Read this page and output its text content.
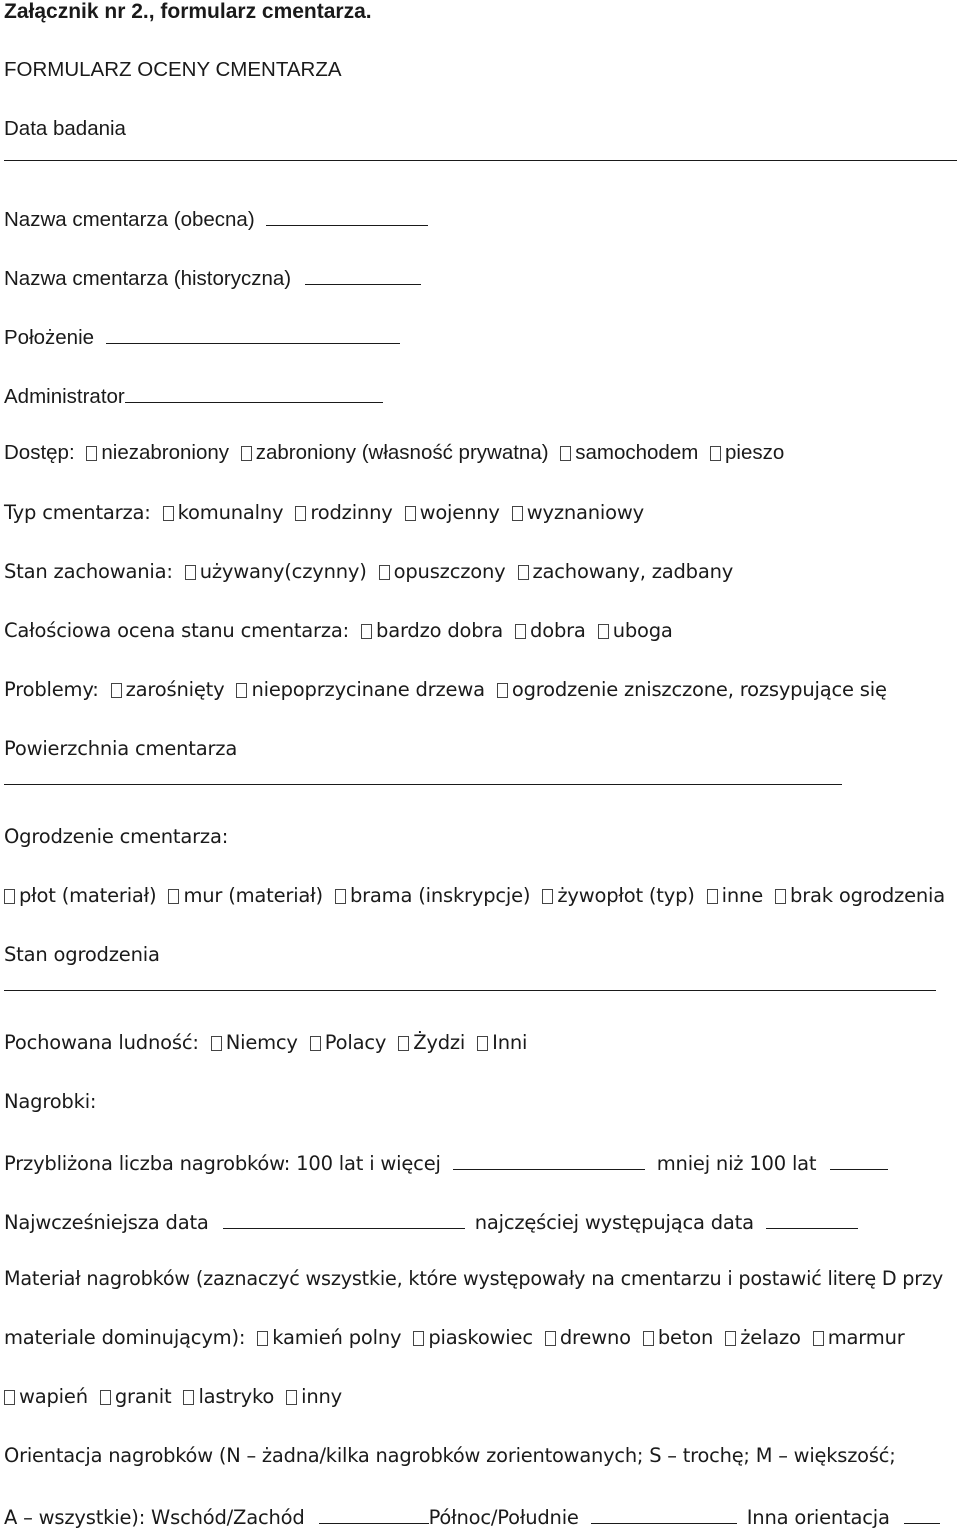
Załącznik nr 2., formularz cmentarza.
FORMULARZ OCENY CMENTARZA
Data badania
Nazwa cmentarza (obecna)
Nazwa cmentarza (historyczna)
Położenie
Administrator
Dostęp: niezabroniony zabroniony (własność prywatna) samochodem pieszo
Typ cmentarza: komunalny rodzinny wojenny wyznaniowy
Stan zachowania: używany(czynny) opuszczony zachowany, zadbany
Całościowa ocena stanu cmentarza: bardzo dobra dobra uboga
Problemy: zarośnięty niepoprzycinane drzewa ogrodzenie zniszczone, rozsypujące się
Powierzchnia cmentarza
Ogrodzenie cmentarza:
płot (materiał) mur (materiał) brama (inskrypcje) żywopłot (typ) inne brak ogrodzenia
Stan ogrodzenia
Pochowana ludność: Niemcy Polacy Żydzi Inni
Nagrobki:
Przybliżona liczba nagrobków: 100 lat i więcej	mniej niż 100 lat
Najwcześniejsza data	najczęściej występująca data
Materiał nagrobków (zaznaczyć wszystkie, które występowały na cmentarzu i postawić literę D przy
materiale dominującym): kamień polny piaskowiec drewno beton żelazo marmur
wapień granit lastryko inny
Orientacja nagrobków (N – żadna/kilka nagrobków zorientowanych; S – trochę; M – większość;
A – wszystkie): Wschód/Zachód	Północ/Południe	Inna orientacja
